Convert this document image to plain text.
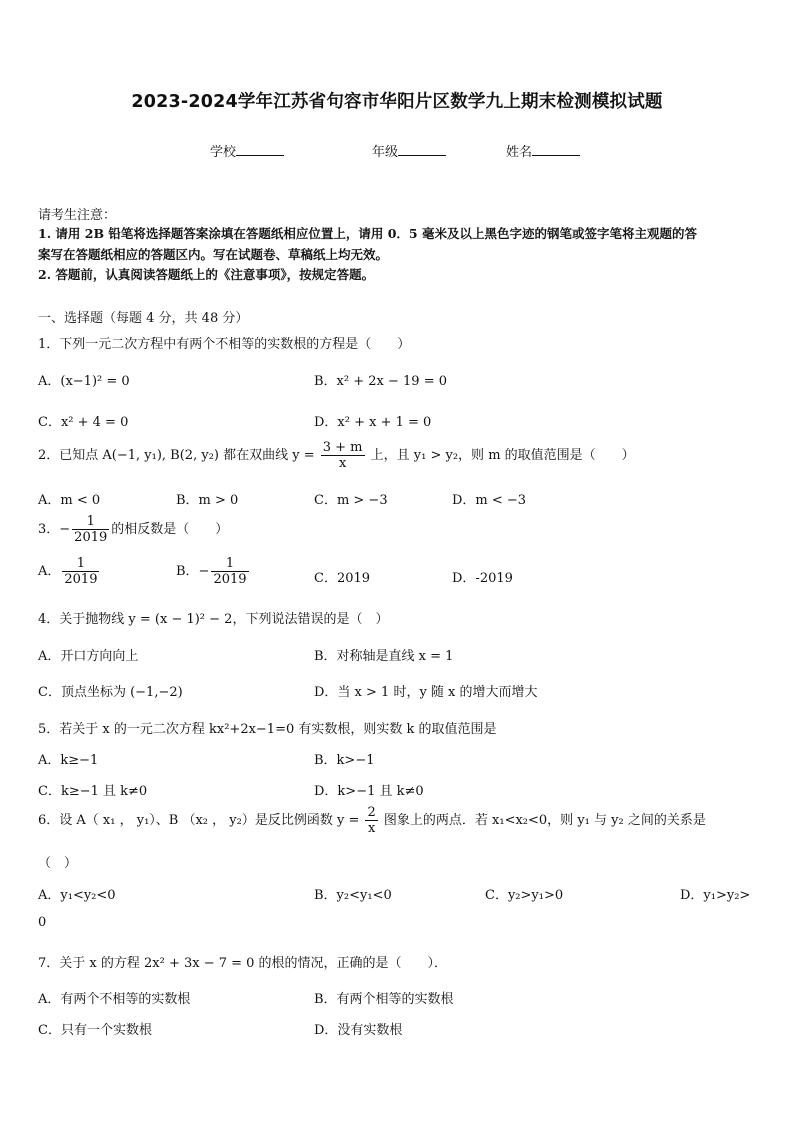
2023-2024学年江苏省句容市华阳片区数学九上期末检测模拟试题
学校	年级	姓名
请考生注意：
1. 请用 2B 铅笔将选择题答案涂填在答题纸相应位置上，请用 0．5 毫米及以上黑色字迹的钢笔或签字笔将主观题的答
案写在答题纸相应的答题区内。写在试题卷、草稿纸上均无效。
2. 答题前，认真阅读答题纸上的《注意事项》，按规定答题。
一、选择题（每题 4 分，共 48 分）
1．下列一元二次方程中有两个不相等的实数根的方程是（　　）
A．(x−1)² = 0	B．x² + 2x − 19 = 0
C．x² + 4 = 0	D．x² + x + 1 = 0
2．已知点 A(−1, y₁), B(2, y₂) 都在双曲线 $y = \frac{3 + m}{x}$ 上，且 y₁ > y₂，则 m 的取值范围是（　　）
A．m < 0	B．m > 0	C．m > −3	D．m < −3
3．− $\frac{1}{2019}$ 的相反数是（　　）
A． $\frac{1}{2019}$	B．− $\frac{1}{2019}$	C．2019	D．-2019
4．关于抛物线 y = (x − 1)² − 2，下列说法错误的是（　）
A．开口方向向上	B．对称轴是直线 x = 1
C．顶点坐标为 (−1,−2)	D．当 x > 1 时，y 随 x 的增大而增大
5．若关于 x 的一元二次方程 kx²+2x−1=0 有实数根，则实数 k 的取值范围是
A．k≥−1	B．k>−1
C．k≥−1 且 k≠0	D．k>−1 且 k≠0
6．设 A（ x₁ ， y₁）、B （x₂ ， y₂）是反比例函数 $y = \frac{2}{x}$ 图象上的两点．若 x₁<x₂<0，则 y₁ 与 y₂ 之间的关系是
（　）
A．y₁<y₂<0	B．y₂<y₁<0	C．y₂>y₁>0	D．y₁>y₂>
0
7．关于 x 的方程 2x² + 3x − 7 = 0 的根的情况，正确的是（　　）．
A．有两个不相等的实数根	B．有两个相等的实数根
C．只有一个实数根	D．没有实数根
